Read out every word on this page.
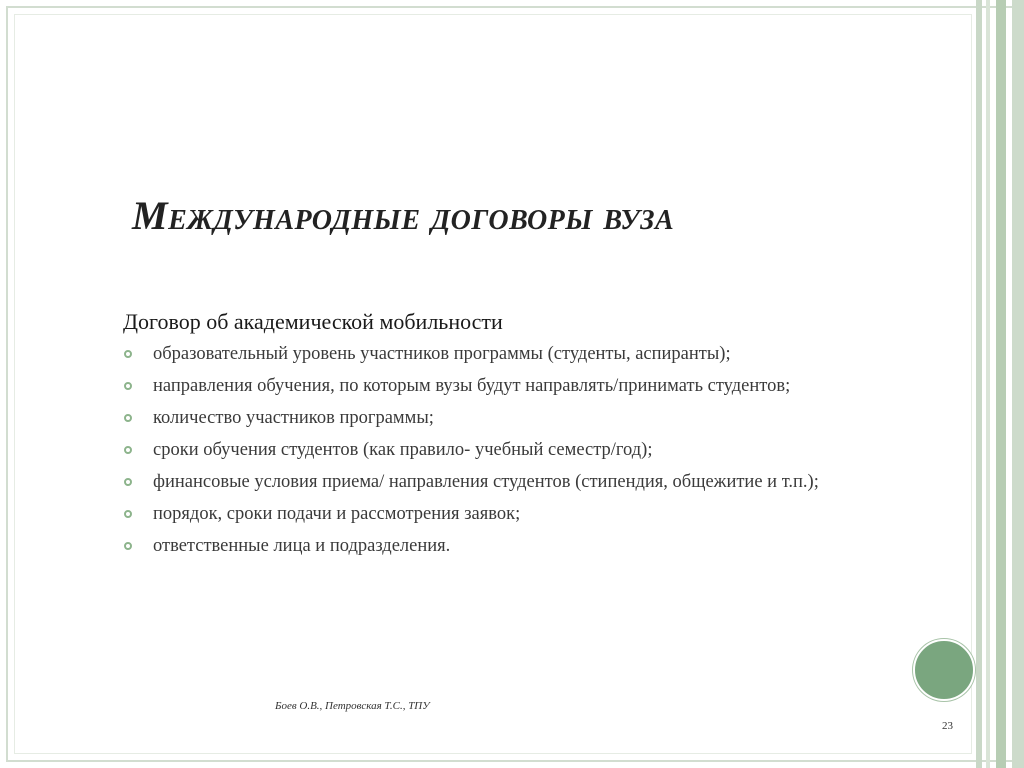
Международные договоры вуза
Договор об академической мобильности
образовательный уровень участников программы (студенты, аспиранты);
направления обучения, по которым вузы будут направлять/принимать студентов;
количество участников программы;
сроки обучения студентов (как правило- учебный семестр/год);
финансовые условия приема/ направления студентов (стипендия, общежитие и т.п.);
порядок, сроки подачи и рассмотрения заявок;
ответственные лица и подразделения.
Боев О.В., Петровская Т.С., ТПУ
23
